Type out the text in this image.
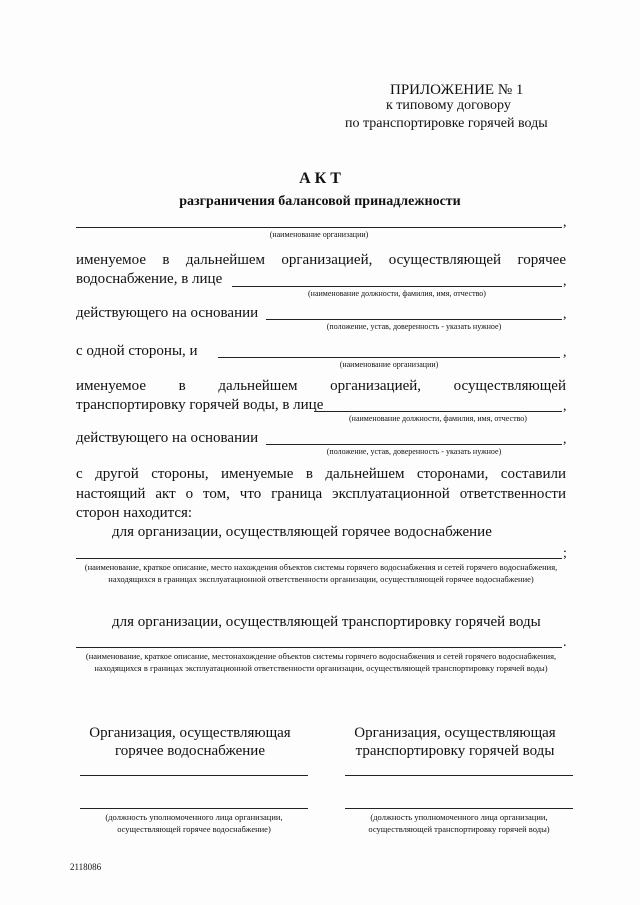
ПРИЛОЖЕНИЕ № 1
к типовому договору
по транспортировке горячей воды
А К Т
разграничения балансовой принадлежности
,
(наименование организации)
именуемое в дальнейшем организацией, осуществляющей горячее
водоснабжение, в лице	,
(наименование должности, фамилия, имя, отчество)
действующего на основании	,
(положение, устав, доверенность - указать нужное)
с одной стороны, и	,
(наименование организации)
именуемое в дальнейшем организацией, осуществляющей
транспортировку горячей воды, в лице	,
(наименование должности, фамилия, имя, отчество)
действующего на основании	,
(положение, устав, доверенность - указать нужное)
с другой стороны, именуемые в дальнейшем сторонами, составили
настоящий акт о том, что граница эксплуатационной ответственности
сторон находится:
для организации, осуществляющей горячее водоснабжение
;
(наименование, краткое описание, место нахождения объектов системы горячего водоснабжения и сетей горячего водоснабжения, находящихся в границах эксплуатационной ответственности организации, осуществляющей горячее водоснабжение)
для организации, осуществляющей транспортировку горячей воды
.
(наименование, краткое описание, местонахождение объектов системы горячего водоснабжения и сетей горячего водоснабжения, находящихся в границах эксплуатационной ответственности организации, осуществляющей транспортировку горячей воды)
Организация, осуществляющая
горячее водоснабжение
Организация, осуществляющая
транспортировку горячей воды
(должность уполномоченного лица организации,
осуществляющей горячее водоснабжение)
(должность уполномоченного лица организации,
осуществляющей транспортировку горячей воды)
2118086
